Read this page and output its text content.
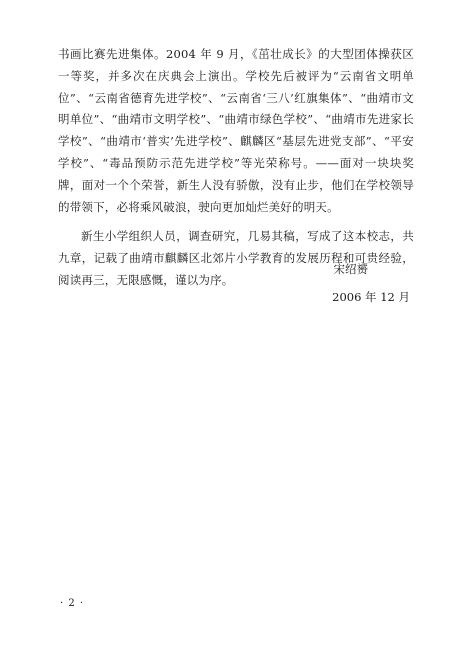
书画比赛先进集体。2004 年 9 月，《茁壮成长》的大型团体操获区一等奖，并多次在庆典会上演出。学校先后被评为“云南省文明单位”、“云南省德育先进学校”、“云南省‘三八’红旗集体”、“曲靖市文明单位”、“曲靖市文明学校”、“曲靖市绿色学校”、“曲靖市先进家长学校”、“曲靖市‘普实’先进学校”、麒麟区“基层先进党支部”、“平安学校”、“毒品预防示范先进学校”等光荣称号。——面对一块块奖牌，面对一个个荣誉，新生人没有骄傲，没有止步，他们在学校领导的带领下，必将乘风破浪，驶向更加灿烂美好的明天。

新生小学组织人员，调查研究，几易其稿，写成了这本校志，共九章，记载了曲靖市麒麟区北郊片小学教育的发展历程和可贵经验，阅读再三，无限感慨，谨以为序。

宋绍赟
2006 年 12 月
· 2 ·
